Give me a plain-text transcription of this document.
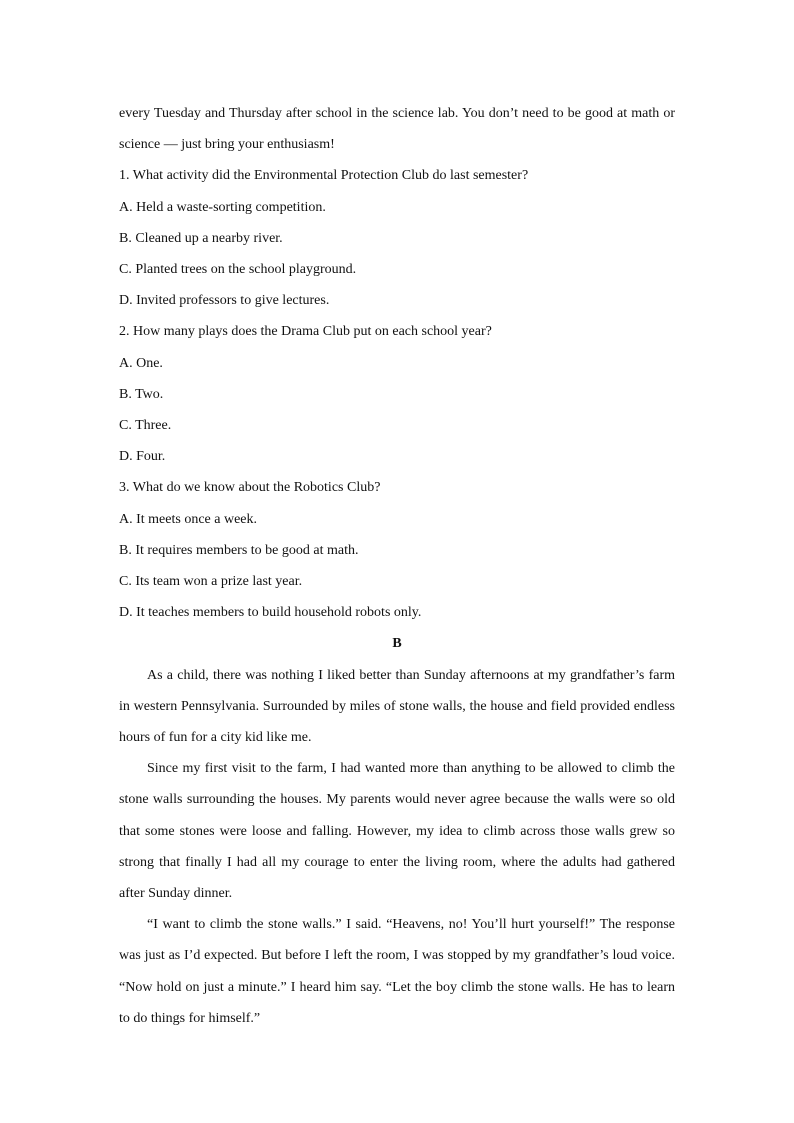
every Tuesday and Thursday after school in the science lab. You don’t need to be good at math or
science — just bring your enthusiasm!
1. What activity did the Environmental Protection Club do last semester?
A. Held a waste-sorting competition.
B. Cleaned up a nearby river.
C. Planted trees on the school playground.
D. Invited professors to give lectures.
2. How many plays does the Drama Club put on each school year?
A. One.
B. Two.
C. Three.
D. Four.
3. What do we know about the Robotics Club?
A. It meets once a week.
B. It requires members to be good at math.
C. Its team won a prize last year.
D. It teaches members to build household robots only.
B
As a child, there was nothing I liked better than Sunday afternoons at my grandfather’s farm in western Pennsylvania. Surrounded by miles of stone walls, the house and field provided endless hours of fun for a city kid like me.
Since my first visit to the farm, I had wanted more than anything to be allowed to climb the stone walls surrounding the houses. My parents would never agree because the walls were so old that some stones were loose and falling. However, my idea to climb across those walls grew so strong that finally I had all my courage to enter the living room, where the adults had gathered after Sunday dinner.
“I want to climb the stone walls.” I said. “Heavens, no! You’ll hurt yourself!” The response was just as I’d expected. But before I left the room, I was stopped by my grandfather’s loud voice. “Now hold on just a minute.” I heard him say. “Let the boy climb the stone walls. He has to learn to do things for himself.”
